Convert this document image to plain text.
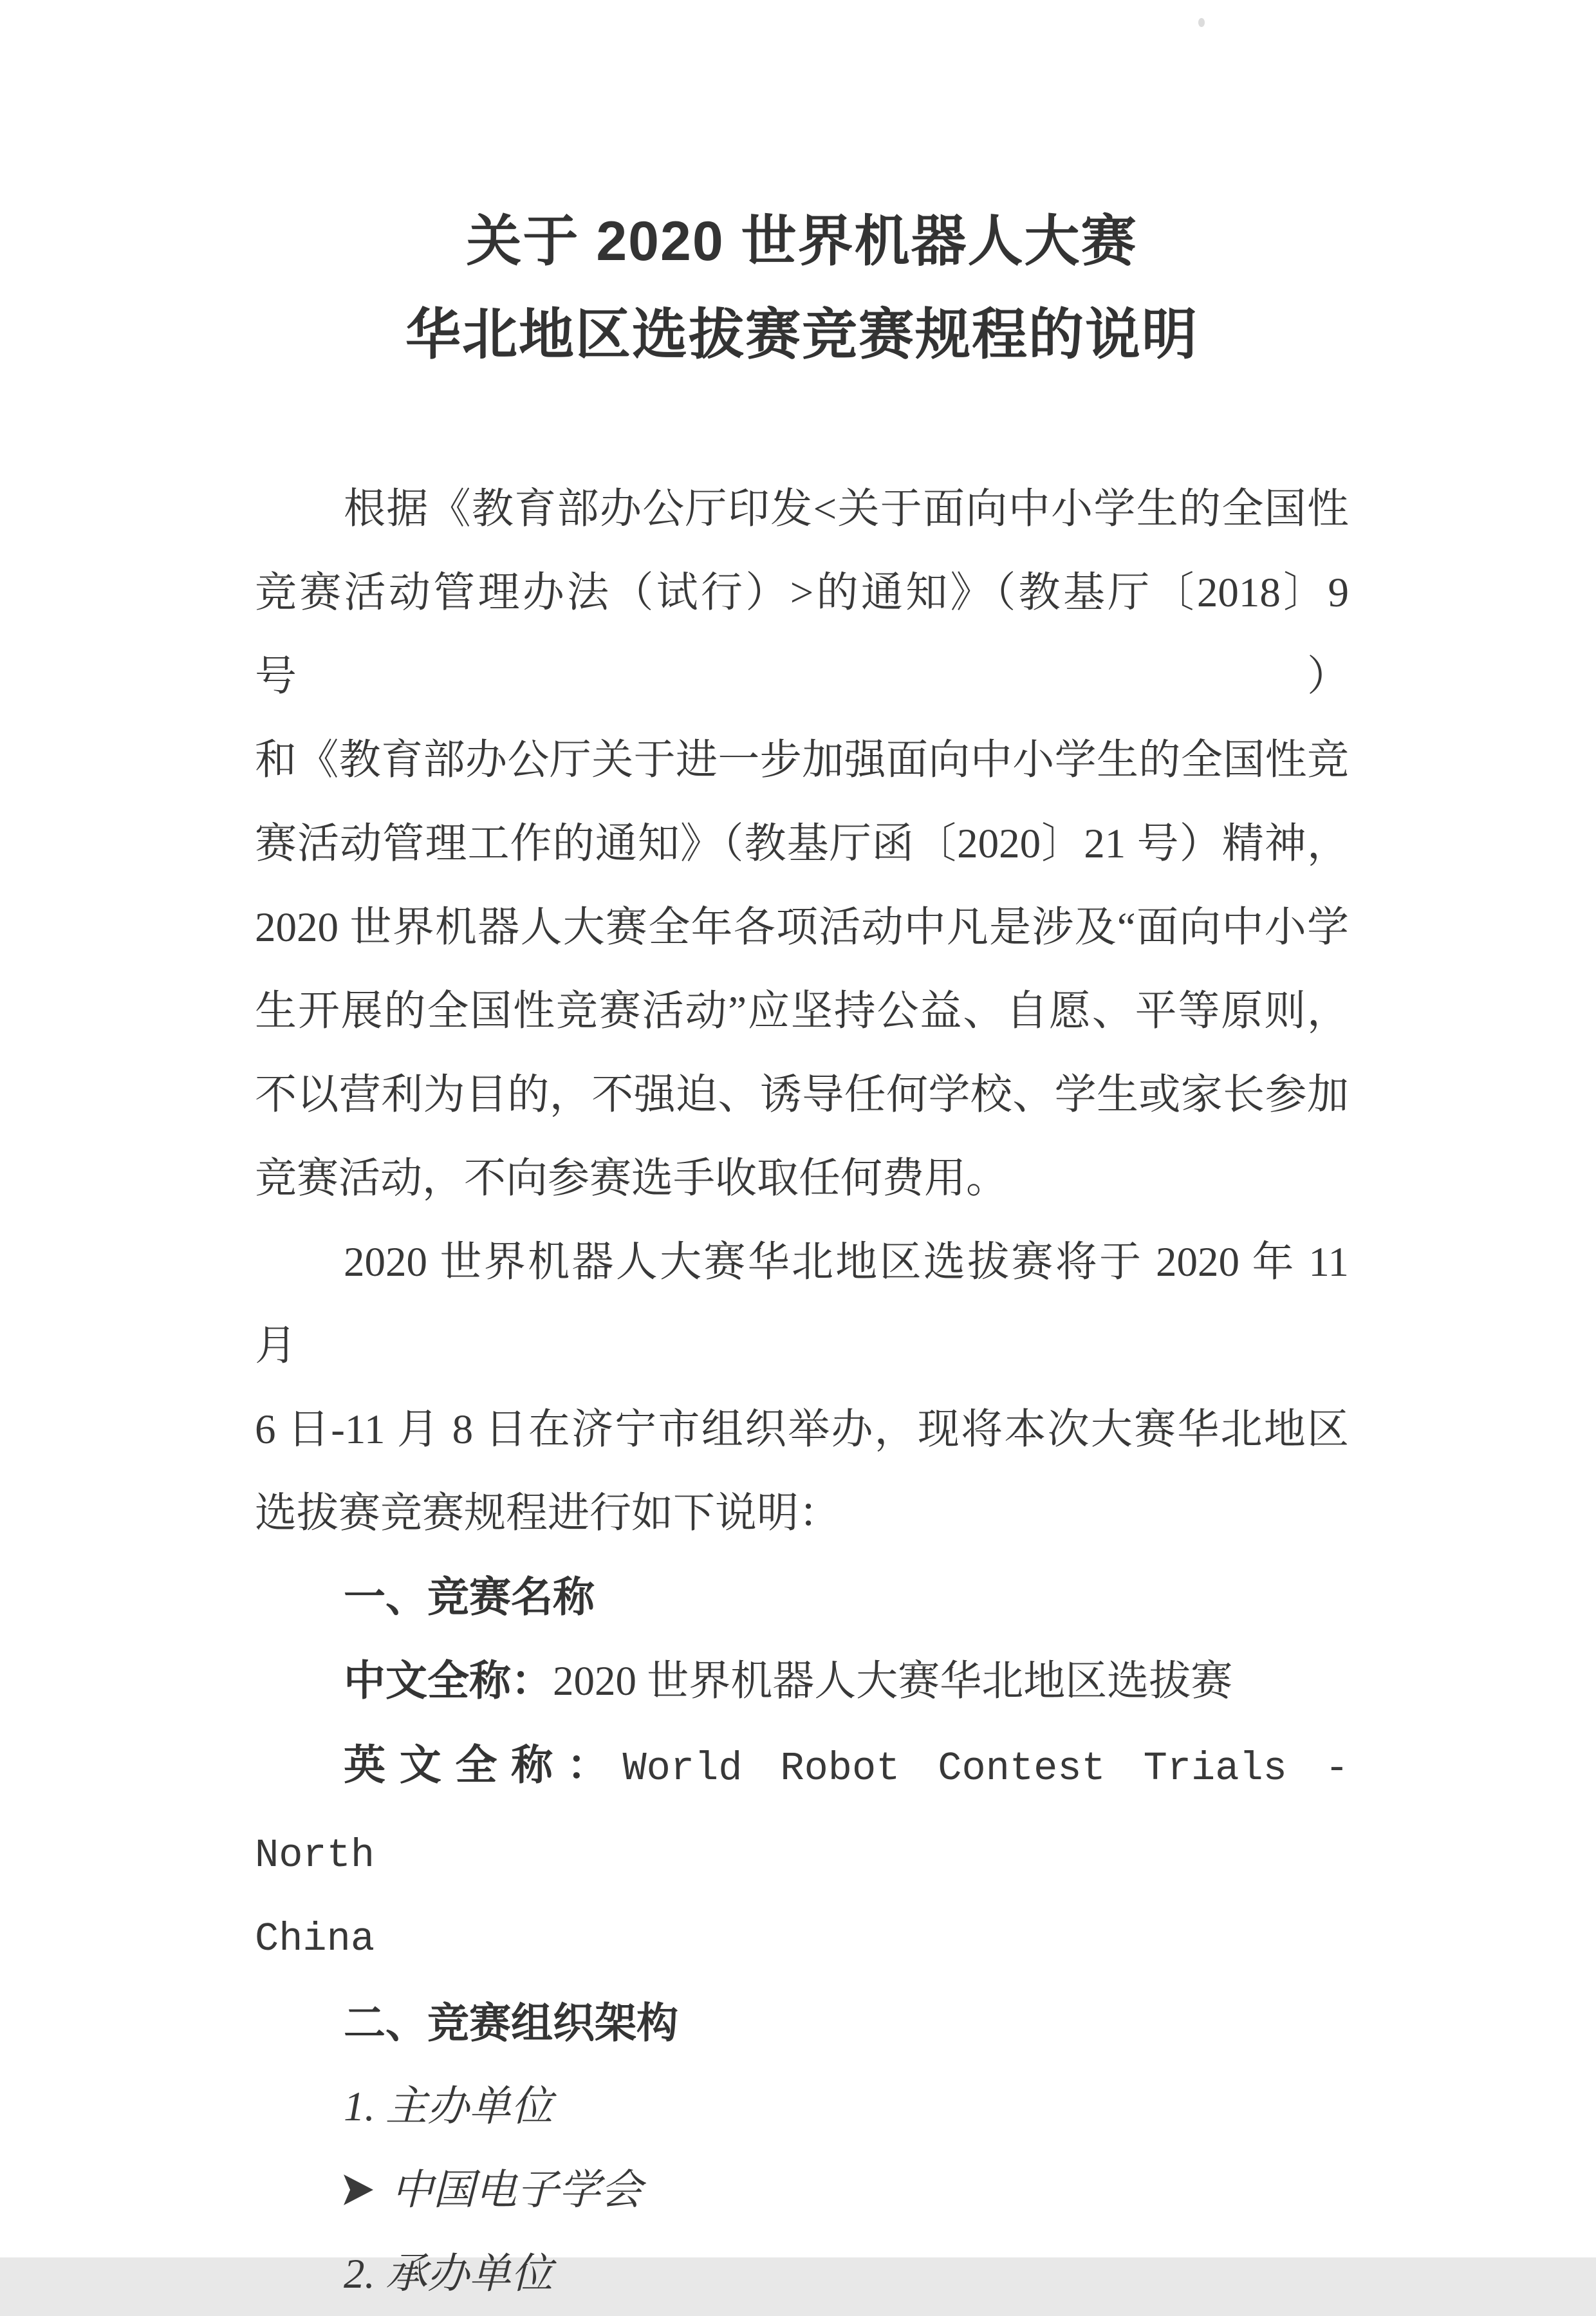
关于 2020 世界机器人大赛
华北地区选拔赛竞赛规程的说明
根据《教育部办公厅印发<关于面向中小学生的全国性
竞赛活动管理办法（试行）>的通知》（教基厅〔2018〕9 号）
和《教育部办公厅关于进一步加强面向中小学生的全国性竞
赛活动管理工作的通知》（教基厅函〔2020〕21 号）精神，
2020 世界机器人大赛全年各项活动中凡是涉及“面向中小学
生开展的全国性竞赛活动”应坚持公益、自愿、平等原则，
不以营利为目的，不强迫、诱导任何学校、学生或家长参加
竞赛活动，不向参赛选手收取任何费用。
2020 世界机器人大赛华北地区选拔赛将于 2020 年 11 月
6 日-11 月 8 日在济宁市组织举办，现将本次大赛华北地区
选拔赛竞赛规程进行如下说明：
一、竞赛名称
中文全称：2020 世界机器人大赛华北地区选拔赛
英文全称：World Robot Contest Trials - North
China
二、竞赛组织架构
1. 主办单位
中国电子学会
2. 承办单位
